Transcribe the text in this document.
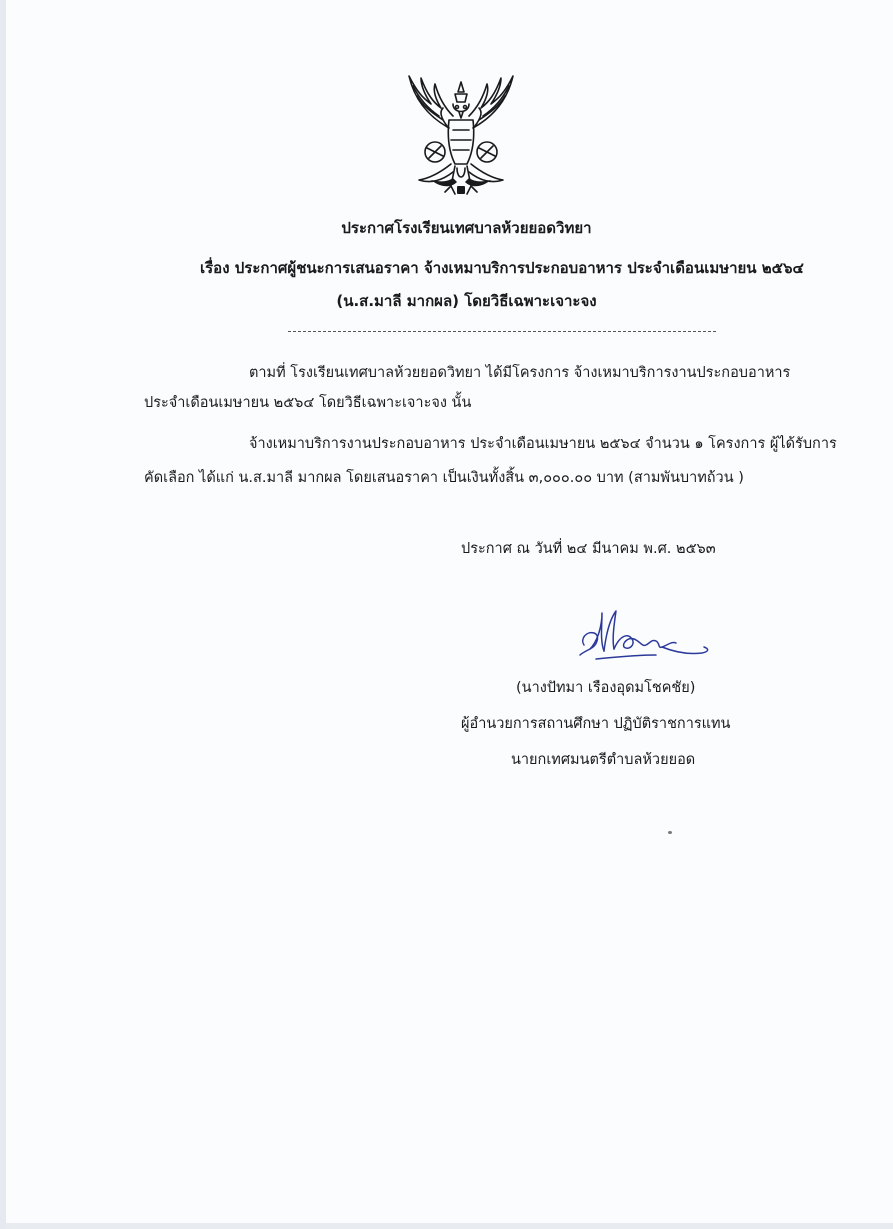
ประกาศโรงเรียนเทศบาลห้วยยอดวิทยา
เรื่อง ประกาศผู้ชนะการเสนอราคา จ้างเหมาบริการประกอบอาหาร ประจำเดือนเมษายน ๒๕๖๔
(น.ส.มาลี มากผล) โดยวิธีเฉพาะเจาะจง
ตามที่ โรงเรียนเทศบาลห้วยยอดวิทยา ได้มีโครงการ จ้างเหมาบริการงานประกอบอาหาร
ประจำเดือนเมษายน ๒๕๖๔ โดยวิธีเฉพาะเจาะจง นั้น
จ้างเหมาบริการงานประกอบอาหาร ประจำเดือนเมษายน ๒๕๖๔ จำนวน ๑ โครงการ ผู้ได้รับการ
คัดเลือก ได้แก่ น.ส.มาลี มากผล โดยเสนอราคา เป็นเงินทั้งสิ้น ๓,๐๐๐.๐๐ บาท (สามพันบาทถ้วน )
ประกาศ ณ วันที่ ๒๔ มีนาคม พ.ศ. ๒๕๖๓
(นางปัทมา เรืองอุดมโชคชัย)
ผู้อำนวยการสถานศึกษา ปฏิบัติราชการแทน
นายกเทศมนตรีตำบลห้วยยอด
